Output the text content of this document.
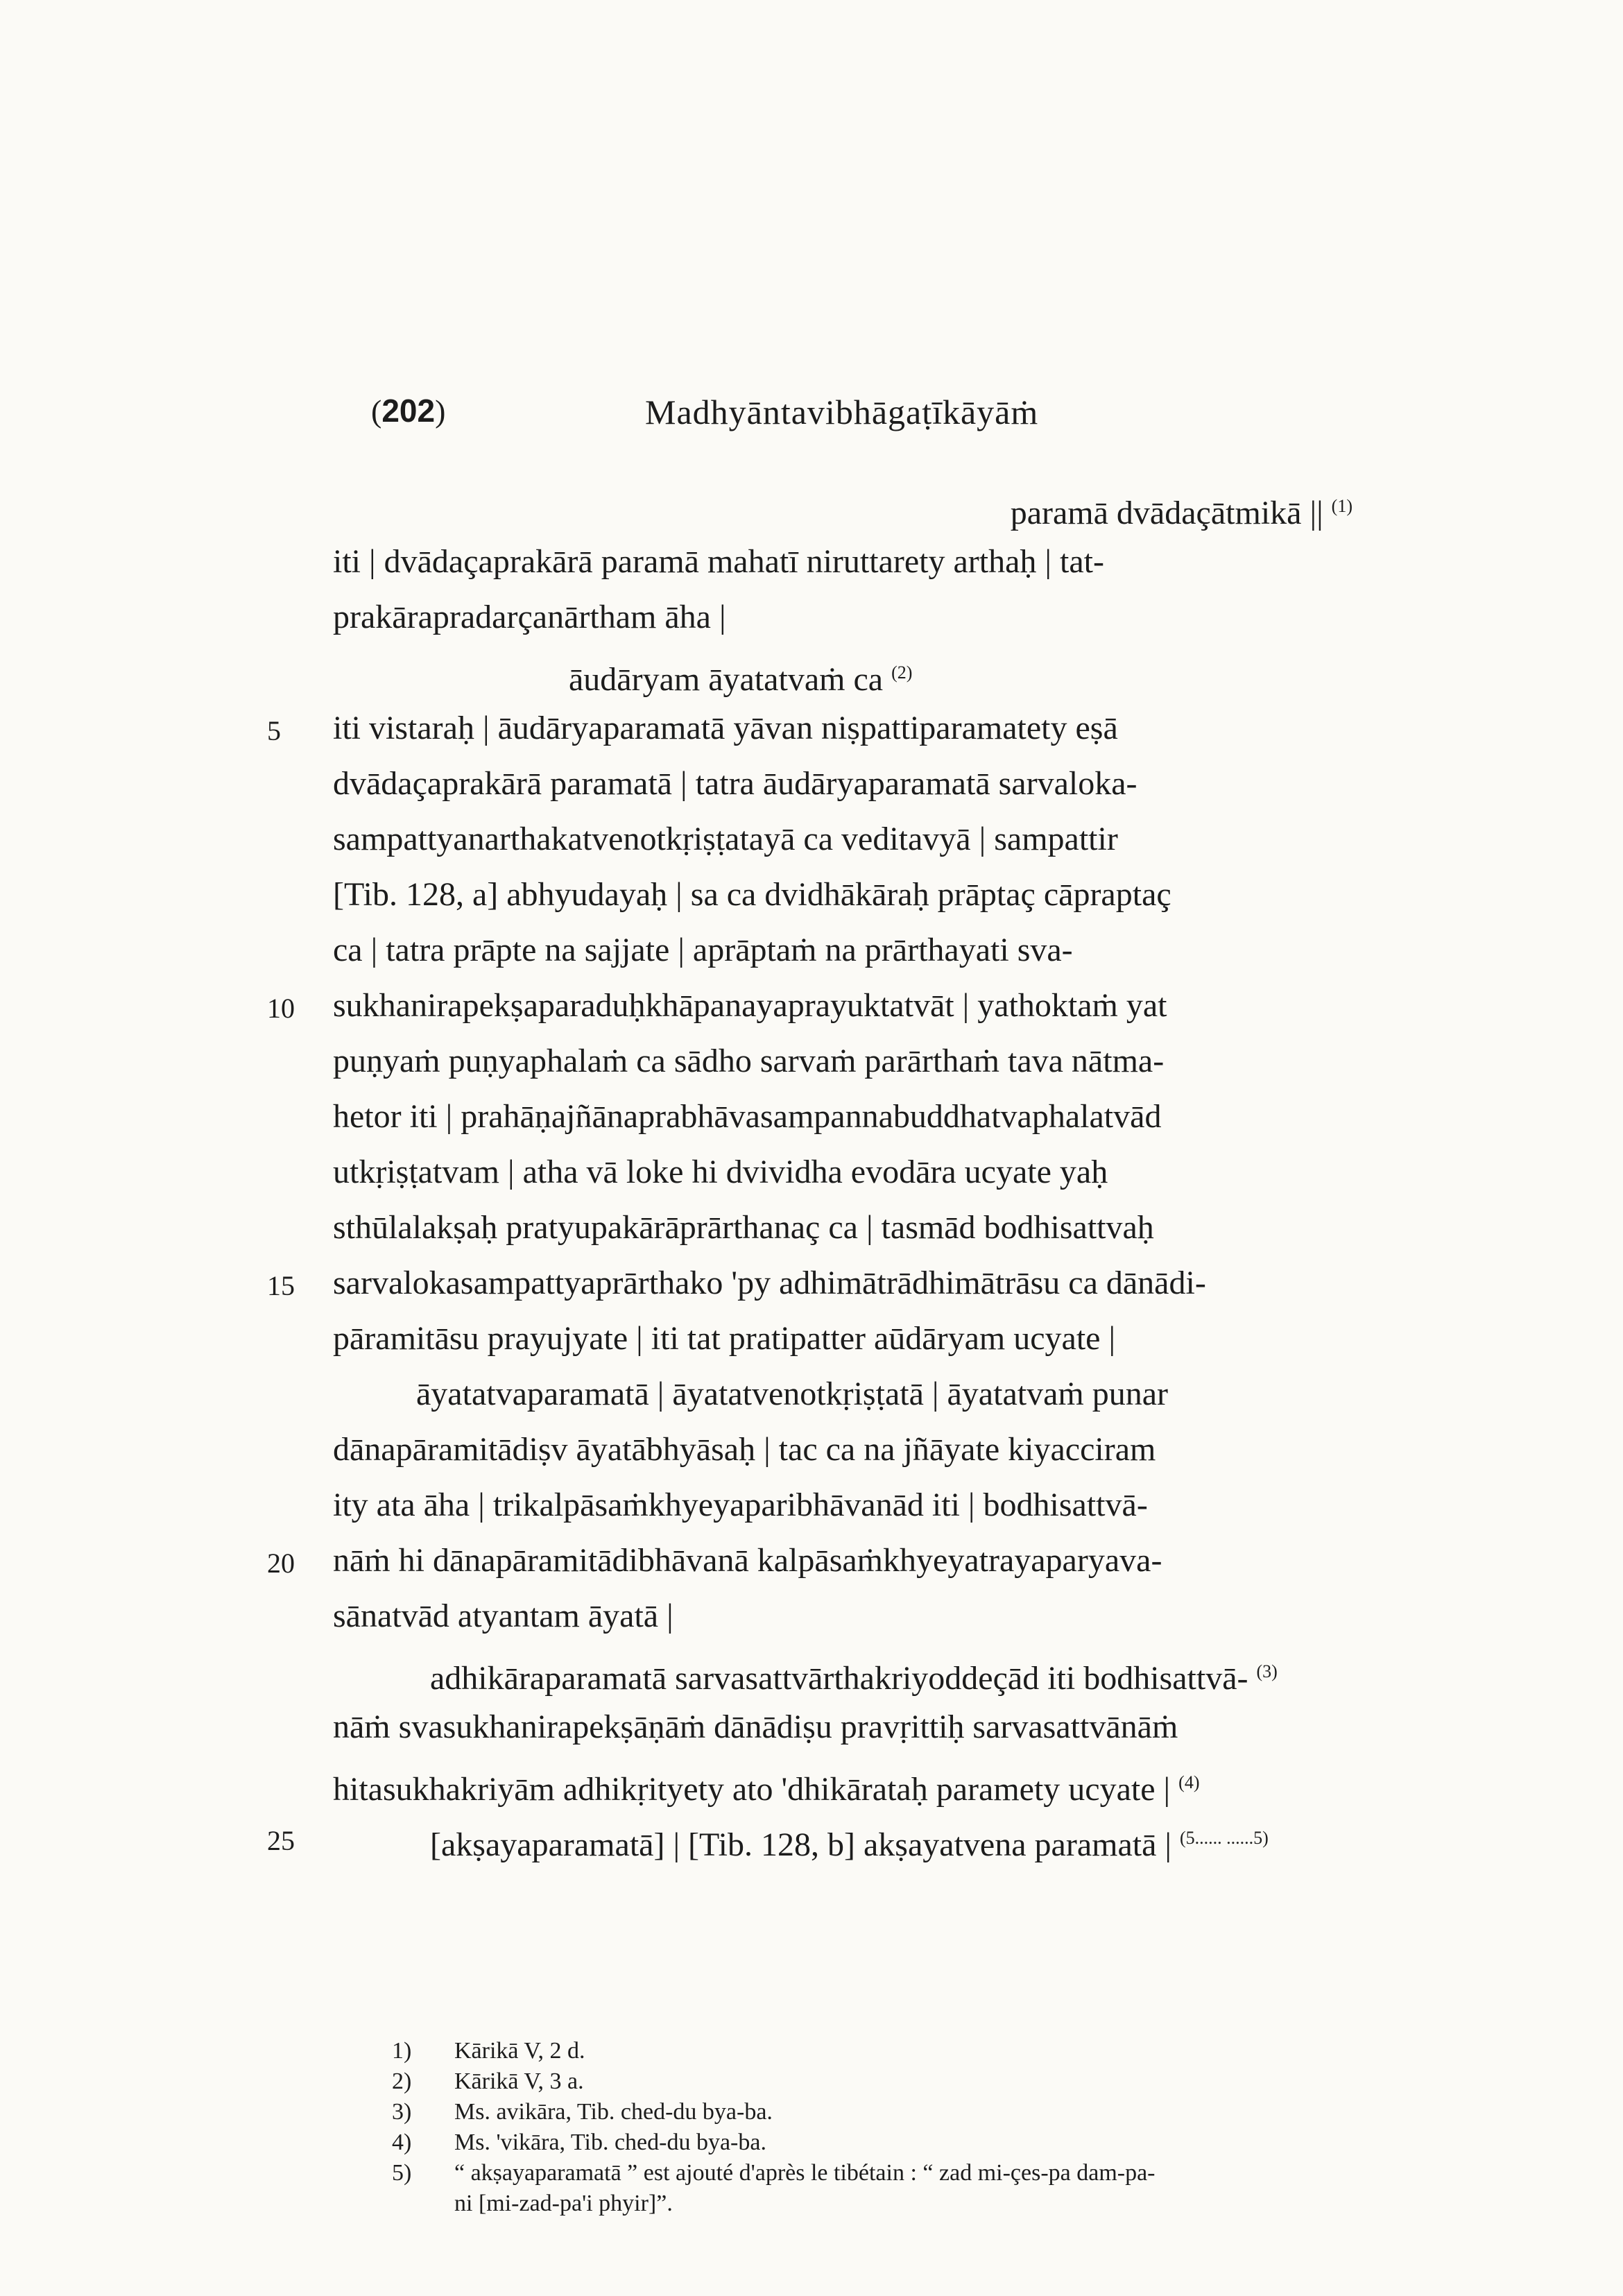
(202)	Madhyāntavibhāgaṭīkāyāṁ
paramā dvādaçātmikā || $^{(1)}$
iti | dvādaçaprakārā paramā mahatī niruttarety arthaḥ | tat-
prakārapradarçanārtham āha |
āudāryam āyatatvaṁ ca $^{(2)}$
iti vistaraḥ | āudāryaparamatā yāvan niṣpattiparamatety eṣā
5
dvādaçaprakārā paramatā | tatra āudāryaparamatā sarvaloka-
sampattyanarthakatvenotkṛiṣṭatayā ca veditavyā | sampattir
[Tib. 128, a] abhyudayaḥ | sa ca dvidhākāraḥ prāptaç cāpraptaç
ca | tatra prāpte na sajjate | aprāptaṁ na prārthayati sva-
sukhanirapekṣaparaduḥkhāpanayaprayuktatvāt | yathoktaṁ yat
10
puṇyaṁ puṇyaphalaṁ ca sādho sarvaṁ parārthaṁ tava nātma-
hetor iti | prahāṇajñānaprabhāvasampannabuddhatvaphalatvād
utkṛiṣṭatvam | atha vā loke hi dvividha evodāra ucyate yaḥ
sthūlalakṣaḥ pratyupakārāprārthanaç ca | tasmād bodhisattvaḥ
sarvalokasampattyaprārthako 'py adhimātrādhimātrāsu ca dānādi-
15
pāramitāsu prayujyate | iti tat pratipatter aūdāryam ucyate |
āyatatvaparamatā | āyatatvenotkṛiṣṭatā | āyatatvaṁ punar
dānapāramitādiṣv āyatābhyāsaḥ | tac ca na jñāyate kiyacciram
ity ata āha | trikalpāsaṁkhyeyaparibhāvanād iti | bodhisattvā-
nāṁ hi dānapāramitādibhāvanā kalpāsaṁkhyeyatrayaparyava-
20
sānatvād atyantam āyatā |
adhikāraparamatā sarvasattvārthakriyoddeçād iti bodhisattvā- $^{(3)}$
nāṁ svasukhanirapekṣāṇāṁ dānādiṣu pravṛittiḥ sarvasattvānāṁ
hitasukhakriyām adhikṛityety ato 'dhikārataḥ paramety ucyate | $^{(4)}$
[akṣayaparamatā] | [Tib. 128, b] akṣayatvena paramatā | $^{(5...... ......5)}$
25
1) Kārikā V, 2 d.
2) Kārikā V, 3 a.
3) Ms. avikāra, Tib. ched-du bya-ba.
4) Ms. 'vikāra, Tib. ched-du bya-ba.
5) “ akṣayaparamatā ” est ajouté d'après le tibétain : “ zad mi-çes-pa dam-pa-
ni [mi-zad-pa'i phyir]”.
